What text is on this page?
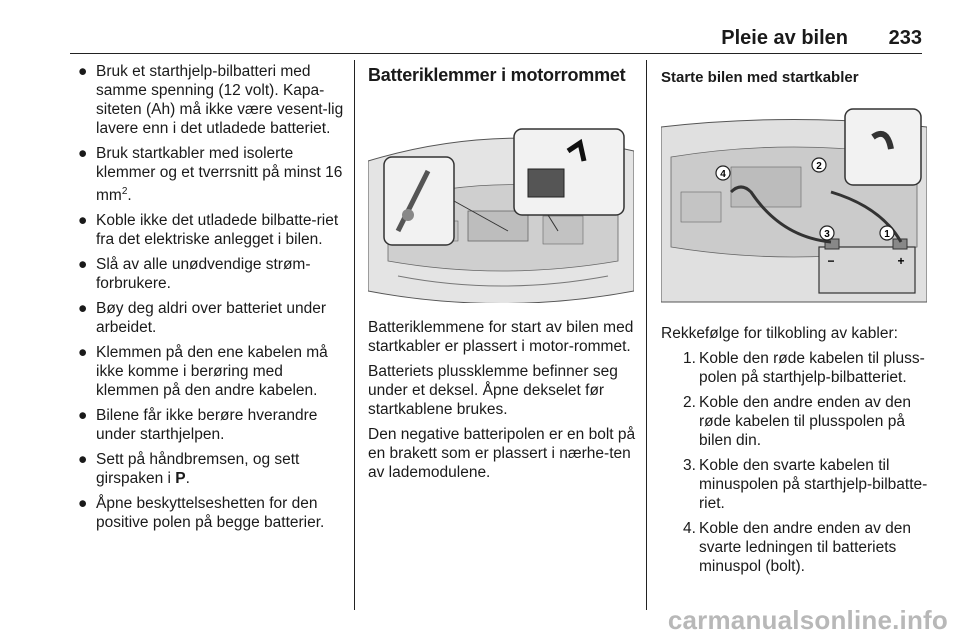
Pleie av bilen 233
● Bruk et starthjelp-bilbatteri med samme spenning (12 volt). Kapa-siteten (Ah) må ikke være vesent-lig lavere enn i det utladede batteriet.
● Bruk startkabler med isolerte klemmer og et tverrsnitt på minst 16 $mm^2$.
● Koble ikke det utladede bilbatte-riet fra det elektriske anlegget i bilen.
● Slå av alle unødvendige strøm-forbrukere.
● Bøy deg aldri over batteriet under arbeidet.
● Klemmen på den ene kabelen må ikke komme i berøring med klemmen på den andre kabelen.
● Bilene får ikke berøre hverandre under starthjelpen.
● Sett på håndbremsen, og sett girspaken i P.
● Åpne beskyttelseshetten for den positive polen på begge batterier.
Batteriklemmer i motorrommet

Batteriklemmene for start av bilen med startkabler er plassert i motor-rommet.

Batteriets plussklemme befinner seg under et deksel. Åpne dekselet før startkablene brukes.

Den negative batteripolen er en bolt på en brakett som er plassert i nærhe-ten av lademodulene.

Starte bilen med startkabler
1
2
3
4
+
−

Rekkefølge for tilkobling av kabler:

1. Koble den røde kabelen til pluss-polen på starthjelp-bilbatteriet.
2. Koble den andre enden av den røde kabelen til plusspolen på bilen din.
3. Koble den svarte kabelen til minuspolen på starthjelp-bilbatte-riet.
4. Koble den andre enden av den svarte ledningen til batteriets minuspol (bolt).
carmanualsonline.info
